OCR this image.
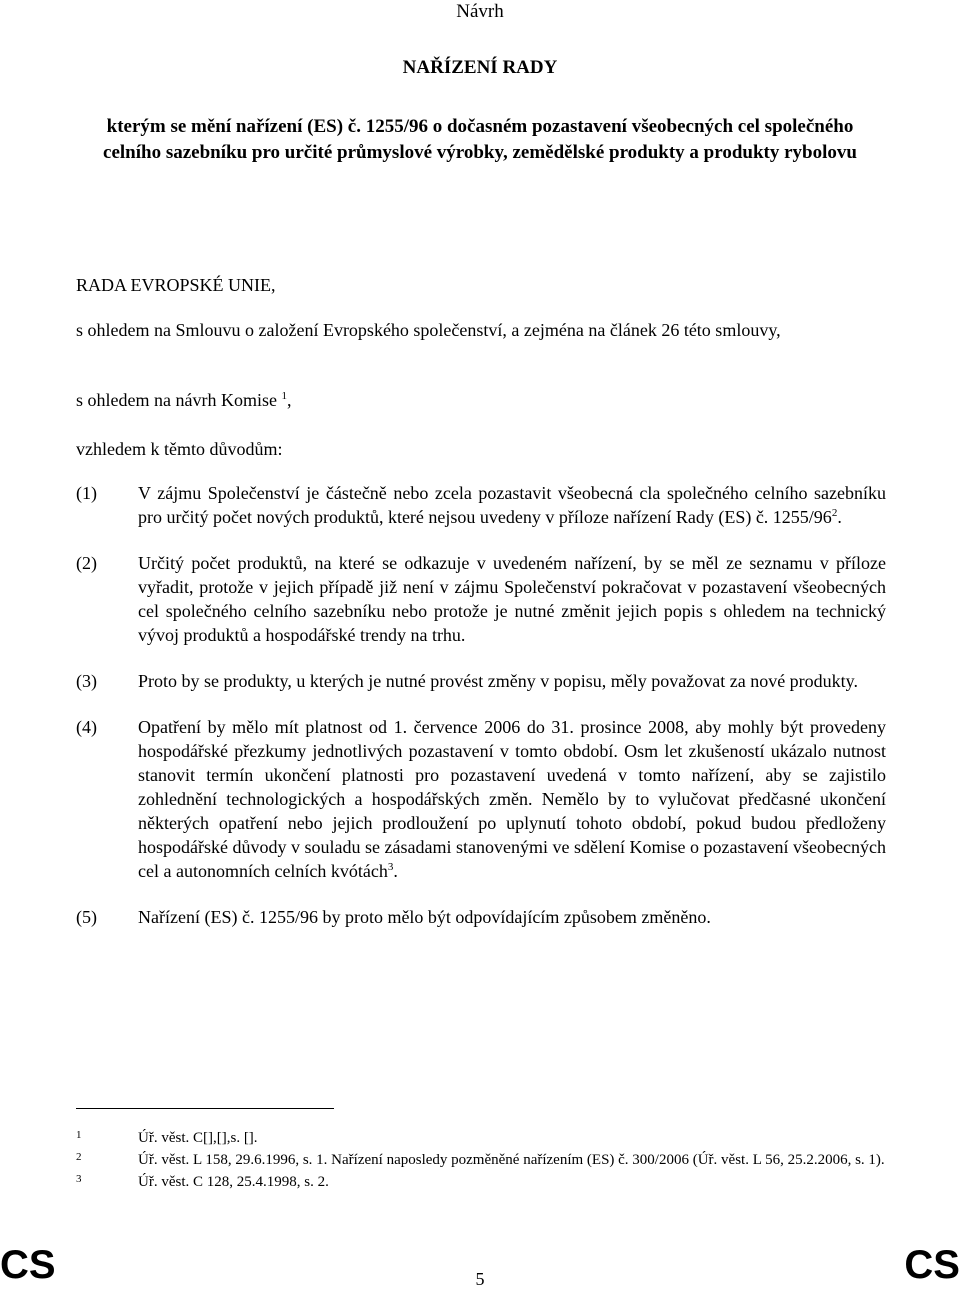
Návrh
NAŘÍZENÍ RADY
kterým se mění nařízení (ES) č. 1255/96 o dočasném pozastavení všeobecných cel společného celního sazebníku pro určité průmyslové výrobky, zemědělské produkty a produkty rybolovu
RADA EVROPSKÉ UNIE,
s ohledem na Smlouvu o založení Evropského společenství, a zejména na článek 26 této smlouvy,
s ohledem na návrh Komise $^1$,
vzhledem k těmto důvodům:
(1)	V zájmu Společenství je částečně nebo zcela pozastavit všeobecná cla společného celního sazebníku pro určitý počet nových produktů, které nejsou uvedeny v příloze nařízení Rady (ES) č. $1255/96^2$.
(2)	Určitý počet produktů, na které se odkazuje v uvedeném nařízení, by se měl ze seznamu v příloze vyřadit, protože v jejich případě již není v zájmu Společenství pokračovat v pozastavení všeobecných cel společného celního sazebníku nebo protože je nutné změnit jejich popis s ohledem na technický vývoj produktů a hospodářské trendy na trhu.
(3)	Proto by se produkty, u kterých je nutné provést změny v popisu, měly považovat za nové produkty.
(4)	Opatření by mělo mít platnost od 1. července 2006 do 31. prosince 2008, aby mohly být provedeny hospodářské přezkumy jednotlivých pozastavení v tomto období. Osm let zkušeností ukázalo nutnost stanovit termín ukončení platnosti pro pozastavení uvedená v tomto nařízení, aby se zajistilo zohlednění technologických a hospodářských změn. Nemělo by to vylučovat předčasné ukončení některých opatření nebo jejich prodloužení po uplynutí tohoto období, pokud budou předloženy hospodářské důvody v souladu se zásadami stanovenými ve sdělení Komise o pozastavení všeobecných cel a autonomních celních kvótách$^3$.
(5)	Nařízení (ES) č. 1255/96 by proto mělo být odpovídajícím způsobem změněno.
1	Úř. věst. C[],[],s. [].
2	Úř. věst. L 158, 29.6.1996, s. 1. Nařízení naposledy pozměněné nařízením (ES) č. 300/2006 (Úř. věst. L 56, 25.2.2006, s. 1).
3	Úř. věst. C 128, 25.4.1998, s. 2.
CS	5	CS
